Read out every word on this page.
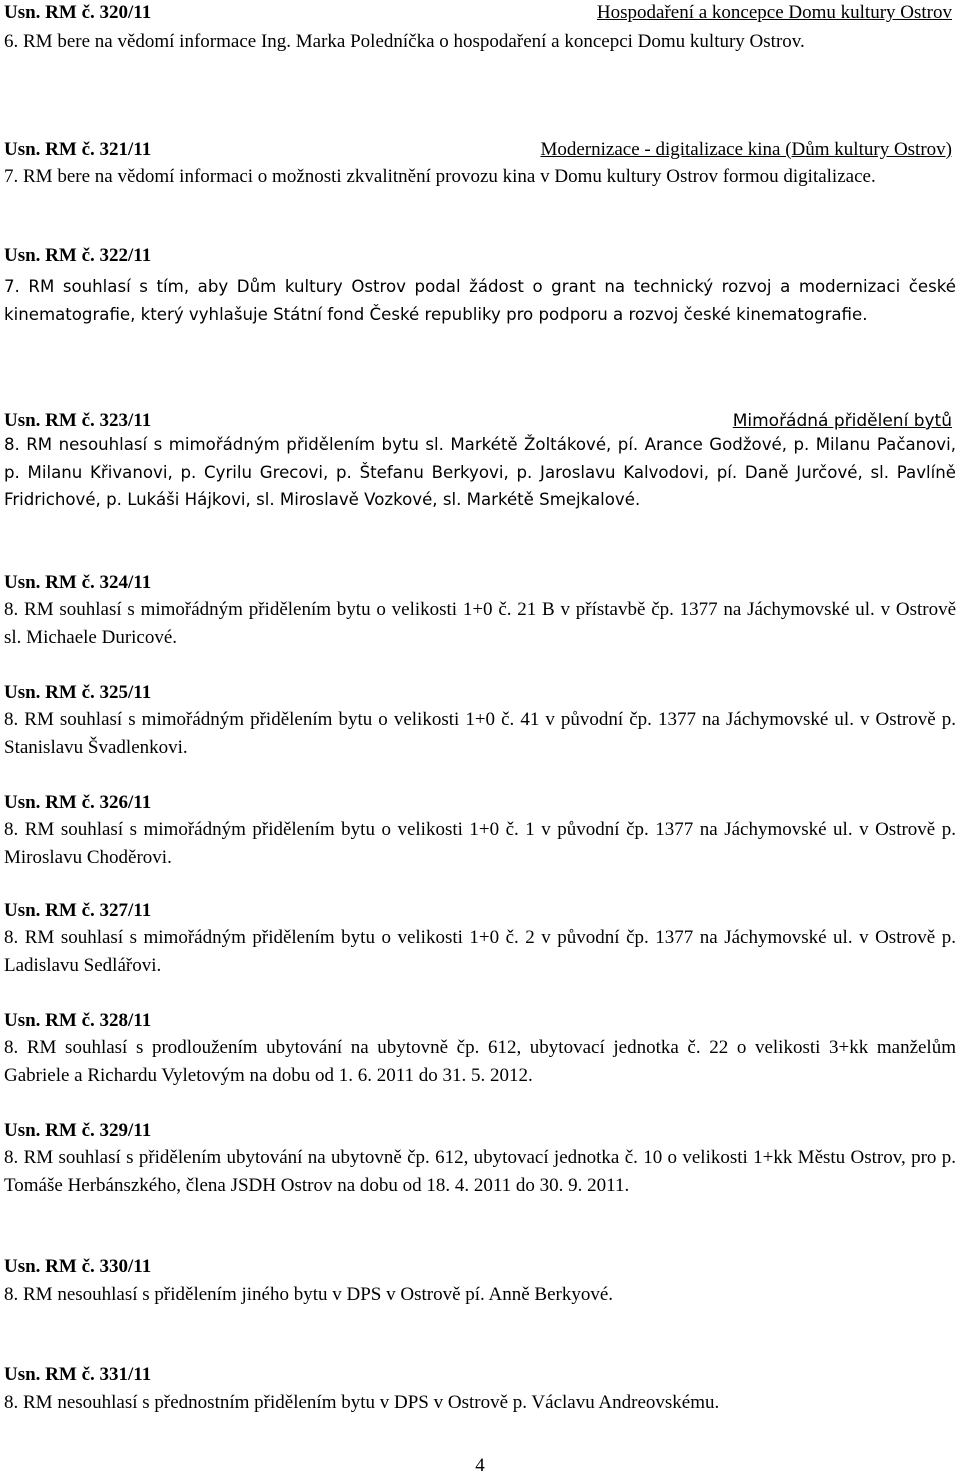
Usn. RM č. 320/11	Hospodaření a koncepce Domu kultury Ostrov

6. RM bere na vědomí informace Ing. Marka Poledníčka o hospodaření a koncepci Domu kultury Ostrov.

Usn. RM č. 321/11	Modernizace - digitalizace kina (Dům kultury Ostrov)

7. RM bere na vědomí informaci o možnosti zkvalitnění provozu kina v Domu kultury Ostrov formou digitalizace.

Usn. RM č. 322/11

7. RM souhlasí s tím, aby Dům kultury Ostrov podal žádost o grant na technický rozvoj a modernizaci české kinematografie, který vyhlašuje Státní fond České republiky pro podporu a rozvoj české kinematografie.

Usn. RM č. 323/11	Mimořádná přidělení bytů

8. RM nesouhlasí s mimořádným přidělením bytu sl. Markétě Žoltákové, pí. Arance Godžové, p. Milanu Pačanovi, p. Milanu Křivanovi, p. Cyrilu Grecovi, p. Štefanu Berkyovi, p. Jaroslavu Kalvodovi, pí. Daně Jurčové, sl. Pavlíně Fridrichové, p. Lukáši Hájkovi, sl. Miroslavě Vozkové, sl. Markétě Smejkalové.

Usn. RM č. 324/11

8. RM souhlasí s mimořádným přidělením bytu o velikosti 1+0 č. 21 B v přístavbě čp. 1377 na Jáchymovské ul. v Ostrově sl. Michaele Duricové.

Usn. RM č. 325/11

8. RM souhlasí s mimořádným přidělením bytu o velikosti 1+0 č. 41 v původní čp. 1377 na Jáchymovské ul. v Ostrově p. Stanislavu Švadlenkovi.

Usn. RM č. 326/11

8. RM souhlasí s mimořádným přidělením bytu o velikosti 1+0 č. 1 v původní čp. 1377 na Jáchymovské ul. v Ostrově p. Miroslavu Choděrovi.

Usn. RM č. 327/11

8. RM souhlasí s mimořádným přidělením bytu o velikosti 1+0 č. 2 v původní čp. 1377 na Jáchymovské ul. v Ostrově p. Ladislavu Sedlářovi.

Usn. RM č. 328/11

8. RM souhlasí s prodloužením ubytování na ubytovně čp. 612, ubytovací jednotka č. 22 o velikosti 3+kk manželům Gabriele a Richardu Vyletovým na dobu od 1. 6. 2011 do 31. 5. 2012.

Usn. RM č. 329/11

8. RM souhlasí s přidělením ubytování na ubytovně čp. 612, ubytovací jednotka č. 10 o velikosti 1+kk Městu Ostrov, pro p. Tomáše Herbánszkého, člena JSDH Ostrov na dobu od 18. 4. 2011 do 30. 9. 2011.

Usn. RM č. 330/11

8. RM nesouhlasí s přidělením jiného bytu v DPS v Ostrově pí. Anně Berkyové.

Usn. RM č. 331/11

8. RM nesouhlasí s přednostním přidělením bytu v DPS v Ostrově p. Václavu Andreovskému.

4
